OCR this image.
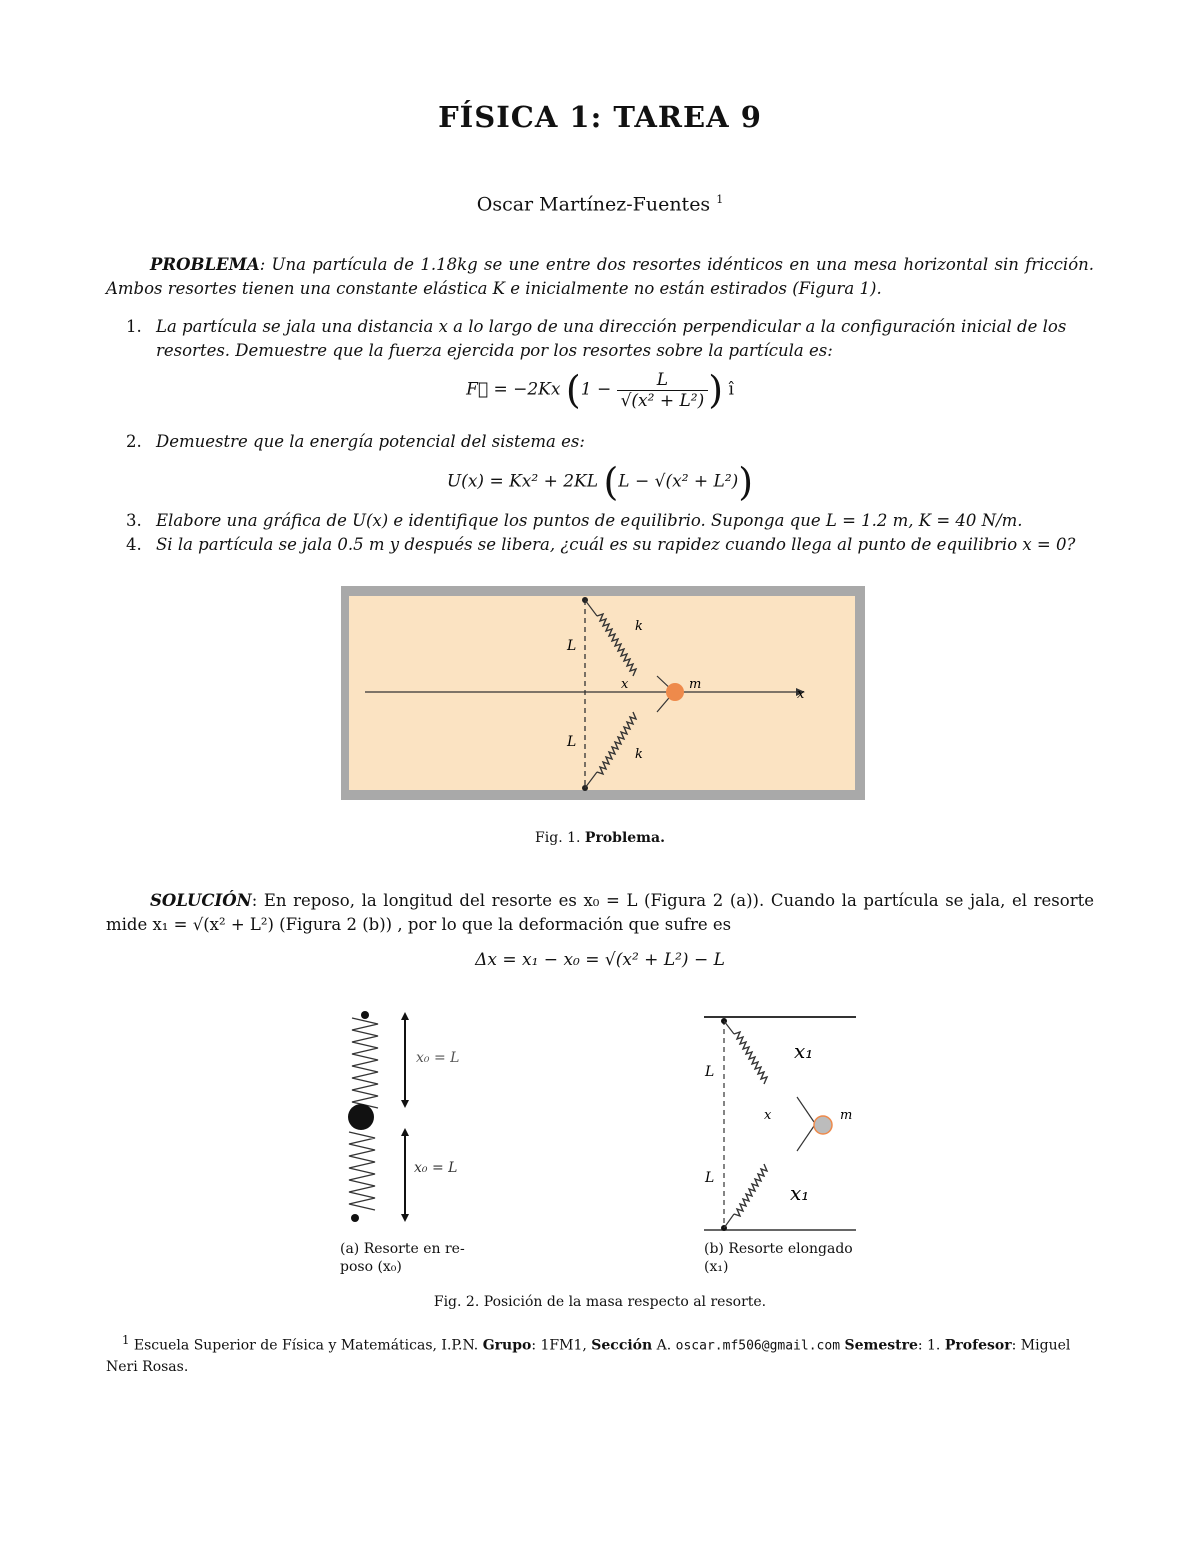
FÍSICA 1: TAREA 9
Oscar Martínez-Fuentes $^1$
PROBLEMA: Una partícula de 1.18kg se une entre dos resortes idénticos en una mesa horizontal sin fricción. Ambos resortes tienen una constante elástica K e inicialmente no están estirados (Figura 1).
1. La partícula se jala una distancia x a lo largo de una dirección perpendicular a la configuración inicial de los resortes. Demuestre que la fuerza ejercida por los resortes sobre la partícula es:
F⃗ = −2Kx ($1 - \frac{L}{\text{√(x² + L²)}}$ ) î
2. Demuestre que la energía potencial del sistema es:
U(x) = Kx² + 2KL (L − √(x² + L²))
3. Elabore una gráfica de U(x) e identifique los puntos de equilibrio. Suponga que L = 1.2 m, K = 40 N/m.
4. Si la partícula se jala 0.5 m y después se libera, ¿cuál es su rapidez cuando llega al punto de equilibrio x = 0?
L
L
k
k
x	m
x
Fig. 1. Problema.
SOLUCIÓN: En reposo, la longitud del resorte es x₀ = L (Figura 2 (a)). Cuando la partícula se jala, el resorte mide x₁ = √(x² + L²) (Figura 2 (b)) , por lo que la deformación que sufre es
Δx = x₁ − x₀ = √(x² + L²) − L
x₀ = L
x₀ = L
(a) Resorte en re-poso (x₀)
x₁
x₁
L
L
x	m
(b) Resorte elongado (x₁)
Fig. 2. Posición de la masa respecto al resorte.
$^1$ Escuela Superior de Física y Matemáticas, I.P.N. Grupo: 1FM1, Sección A. oscar.mf506@gmail.com Semestre: 1. Profesor: Miguel Neri Rosas.
